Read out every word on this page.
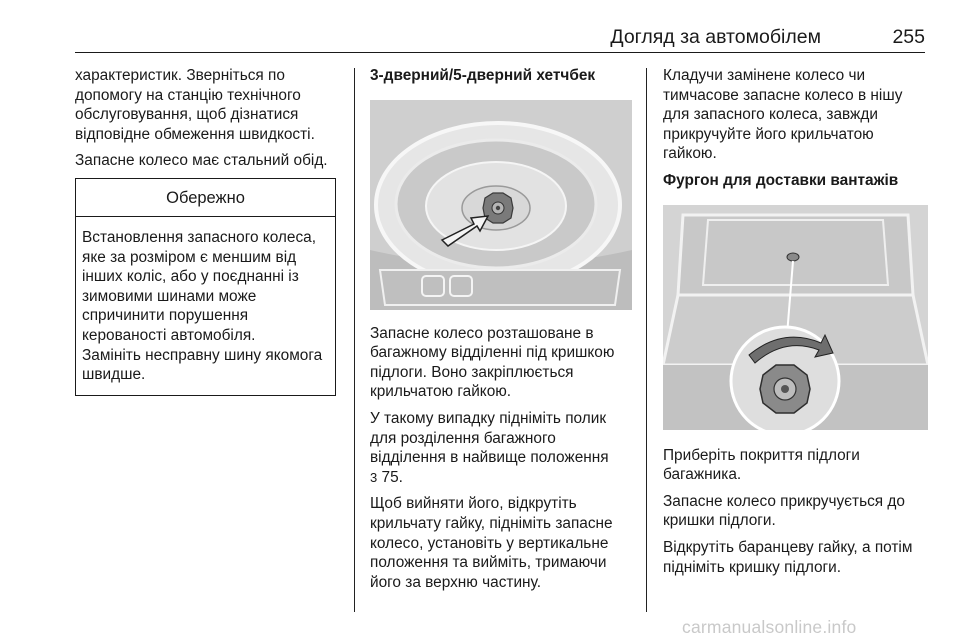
Догляд за автомобілем	255

характеристик. Зверніться по допомогу на станцію технічного обслуговування, щоб дізнатися відповідне обмеження швидкості.

Запасне колесо має стальний обід.

Обережно

Встановлення запасного колеса, яке за розміром є меншим від інших коліс, або у поєднанні із зимовими шинами може спричинити порушення керованості автомобіля.

Замініть несправну шину якомога швидше.

3-дверний/5-дверний хетчбек

Запасне колесо розташоване в багажному відділенні під кришкою підлоги. Воно закріплюється крильчатою гайкою.

У такому випадку підніміть полик для розділення багажного відділення в найвище положення
3 75.

Щоб вийняти його, відкрутіть крильчату гайку, підніміть запасне колесо, установіть у вертикальне положення та вийміть, тримаючи його за верхню частину.

Кладучи замінене колесо чи тимчасове запасне колесо в нішу для запасного колеса, завжди прикручуйте його крильчатою гайкою.

Фургон для доставки вантажів

Приберіть покриття підлоги багажника.

Запасне колесо прикручується до кришки підлоги.

Відкрутіть баранцеву гайку, а потім підніміть кришку підлоги.

carmanualsonline.info
